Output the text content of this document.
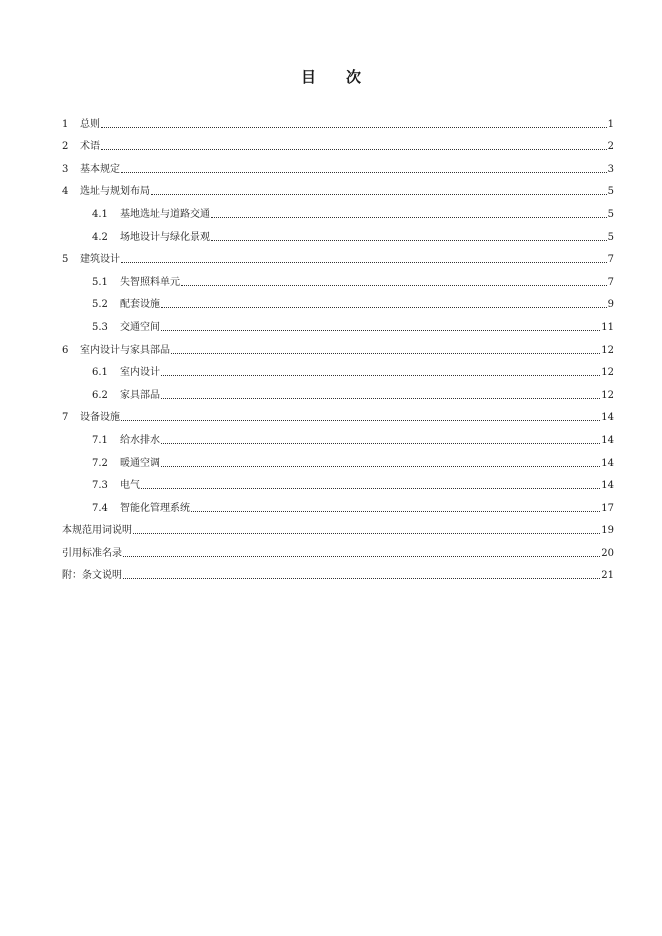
目 次
1	总则	1
2	术语	2
3	基本规定	3
4	选址与规划布局	5
4.1	基地选址与道路交通	5
4.2	场地设计与绿化景观	5
5	建筑设计	7
5.1	失智照料单元	7
5.2	配套设施	9
5.3	交通空间	11
6	室内设计与家具部品	12
6.1	室内设计	12
6.2	家具部品	12
7	设备设施	14
7.1	给水排水	14
7.2	暖通空调	14
7.3	电气	14
7.4	智能化管理系统	17
本规范用词说明	19
引用标准名录	20
附：条文说明	21
